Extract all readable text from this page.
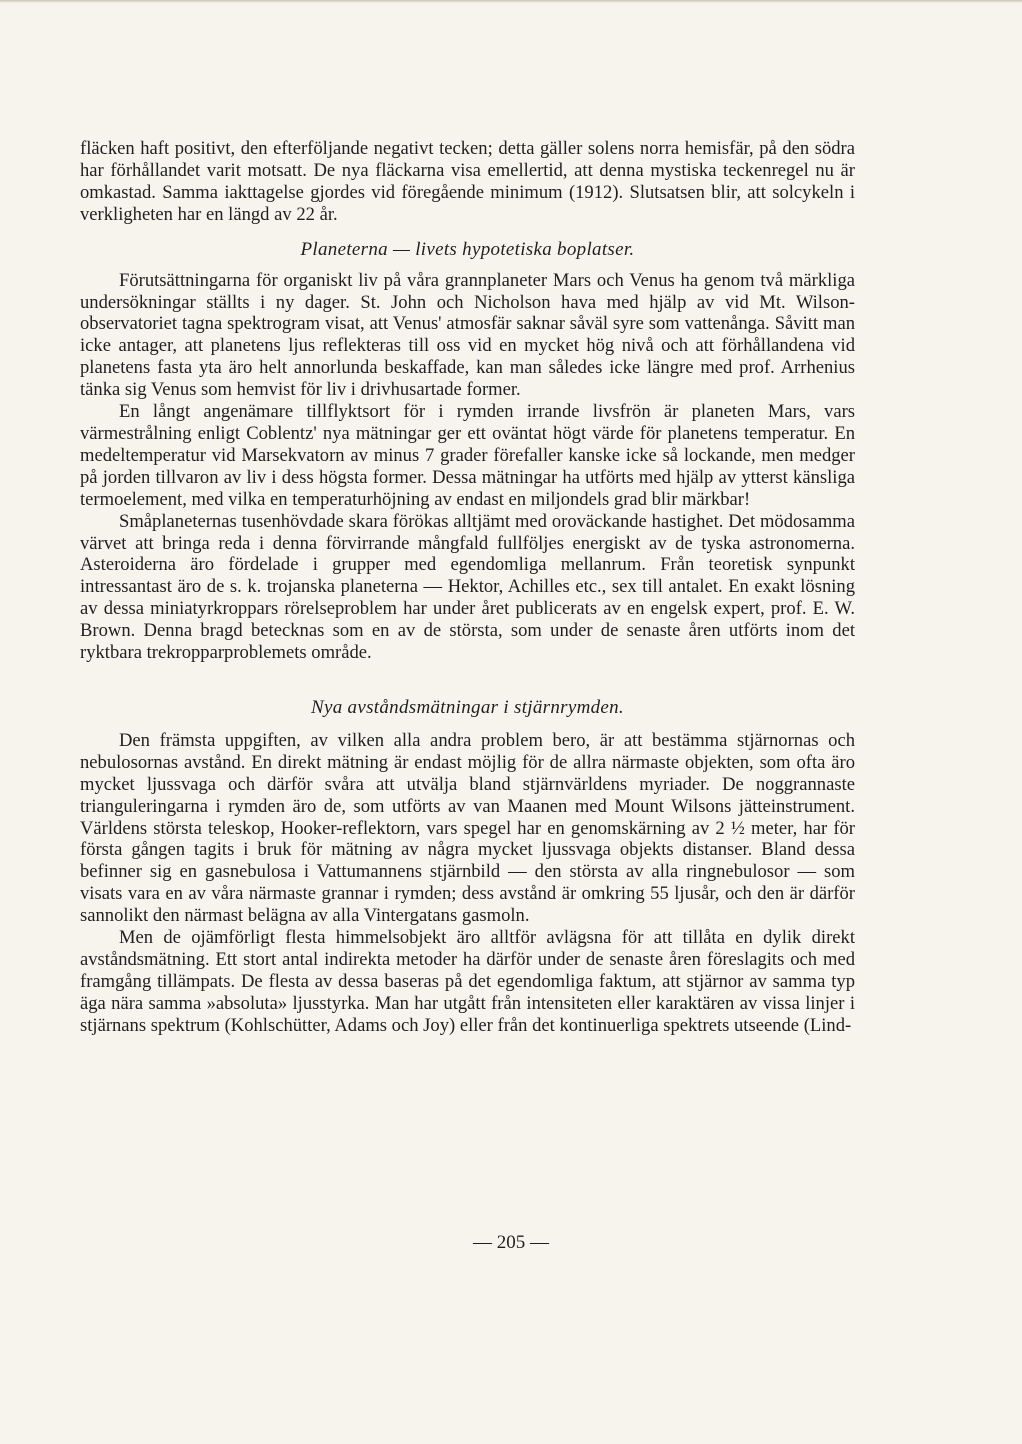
fläcken haft positivt, den efterföljande negativt tecken; detta gäller solens norra hemisfär, på den södra har förhållandet varit motsatt. De nya fläckarna visa emellertid, att denna mystiska teckenregel nu är omkastad. Samma iakttagelse gjordes vid föregående minimum (1912). Slutsatsen blir, att solcykeln i verkligheten har en längd av 22 år.

Planeterna — livets hypotetiska boplatser.

Förutsättningarna för organiskt liv på våra grannplaneter Mars och Venus ha genom två märkliga undersökningar ställts i ny dager. St. John och Nicholson hava med hjälp av vid Mt. Wilson-observatoriet tagna spektrogram visat, att Venus' atmosfär saknar såväl syre som vattenånga. Såvitt man icke antager, att planetens ljus reflekteras till oss vid en mycket hög nivå och att förhållandena vid planetens fasta yta äro helt annorlunda beskaffade, kan man således icke längre med prof. Arrhenius tänka sig Venus som hemvist för liv i drivhusartade former.

En långt angenämare tillflyktsort för i rymden irrande livsfrön är planeten Mars, vars värmestrålning enligt Coblentz' nya mätningar ger ett oväntat högt värde för planetens temperatur. En medeltemperatur vid Marsekvatorn av minus 7 grader förefaller kanske icke så lockande, men medger på jorden tillvaron av liv i dess högsta former. Dessa mätningar ha utförts med hjälp av ytterst känsliga termoelement, med vilka en temperaturhöjning av endast en miljondels grad blir märkbar!

Småplaneternas tusenhövdade skara förökas alltjämt med oroväckande hastighet. Det mödosamma värvet att bringa reda i denna förvirrande mångfald fullföljes energiskt av de tyska astronomerna. Asteroiderna äro fördelade i grupper med egendomliga mellanrum. Från teoretisk synpunkt intressantast äro de s. k. trojanska planeterna — Hektor, Achilles etc., sex till antalet. En exakt lösning av dessa miniatyrkroppars rörelseproblem har under året publicerats av en engelsk expert, prof. E. W. Brown. Denna bragd betecknas som en av de största, som under de senaste åren utförts inom det ryktbara trekropparproblemets område.

Nya avståndsmätningar i stjärnrymden.

Den främsta uppgiften, av vilken alla andra problem bero, är att bestämma stjärnornas och nebulosornas avstånd. En direkt mätning är endast möjlig för de allra närmaste objekten, som ofta äro mycket ljussvaga och därför svåra att utvälja bland stjärnvärldens myriader. De noggrannaste trianguleringarna i rymden äro de, som utförts av van Maanen med Mount Wilsons jätteinstrument. Världens största teleskop, Hooker-reflektorn, vars spegel har en genomskärning av 2 ½ meter, har för första gången tagits i bruk för mätning av några mycket ljussvaga objekts distanser. Bland dessa befinner sig en gasnebulosa i Vattumannens stjärnbild — den största av alla ringnebulosor — som visats vara en av våra närmaste grannar i rymden; dess avstånd är omkring 55 ljusår, och den är därför sannolikt den närmast belägna av alla Vintergatans gasmoln.

Men de ojämförligt flesta himmelsobjekt äro alltför avlägsna för att tillåta en dylik direkt avståndsmätning. Ett stort antal indirekta metoder ha därför under de senaste åren föreslagits och med framgång tillämpats. De flesta av dessa baseras på det egendomliga faktum, att stjärnor av samma typ äga nära samma »absoluta» ljusstyrka. Man har utgått från intensiteten eller karaktären av vissa linjer i stjärnans spektrum (Kohlschütter, Adams och Joy) eller från det kontinuerliga spektrets utseende (Lind-

— 205 —
